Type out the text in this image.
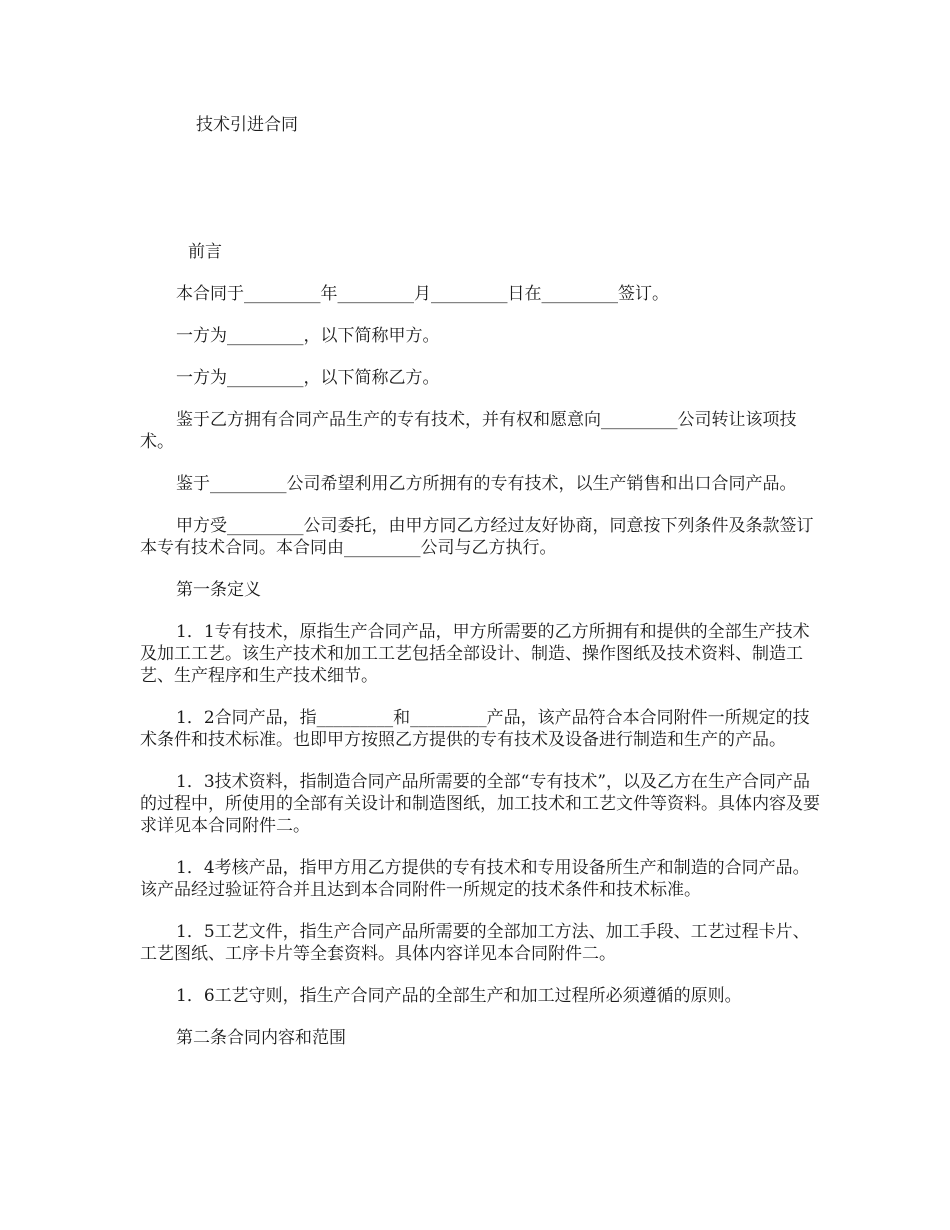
技术引进合同

前言

本合同于_________年_________月_________日在_________签订。

一方为_________，以下简称甲方。

一方为_________，以下简称乙方。

鉴于乙方拥有合同产品生产的专有技术，并有权和愿意向_________公司转让该项技术。

鉴于_________公司希望利用乙方所拥有的专有技术，以生产销售和出口合同产品。

甲方受_________公司委托，由甲方同乙方经过友好协商，同意按下列条件及条款签订本专有技术合同。本合同由_________公司与乙方执行。

第一条定义

1．1专有技术，原指生产合同产品，甲方所需要的乙方所拥有和提供的全部生产技术及加工工艺。该生产技术和加工工艺包括全部设计、制造、操作图纸及技术资料、制造工艺、生产程序和生产技术细节。

1．2合同产品，指_________和_________产品，该产品符合本合同附件一所规定的技术条件和技术标准。也即甲方按照乙方提供的专有技术及设备进行制造和生产的产品。

1．3技术资料，指制造合同产品所需要的全部“专有技术”，以及乙方在生产合同产品的过程中，所使用的全部有关设计和制造图纸，加工技术和工艺文件等资料。具体内容及要求详见本合同附件二。

1．4考核产品，指甲方用乙方提供的专有技术和专用设备所生产和制造的合同产品。该产品经过验证符合并且达到本合同附件一所规定的技术条件和技术标准。

1．5工艺文件，指生产合同产品所需要的全部加工方法、加工手段、工艺过程卡片、工艺图纸、工序卡片等全套资料。具体内容详见本合同附件二。

1．6工艺守则，指生产合同产品的全部生产和加工过程所必须遵循的原则。

第二条合同内容和范围
